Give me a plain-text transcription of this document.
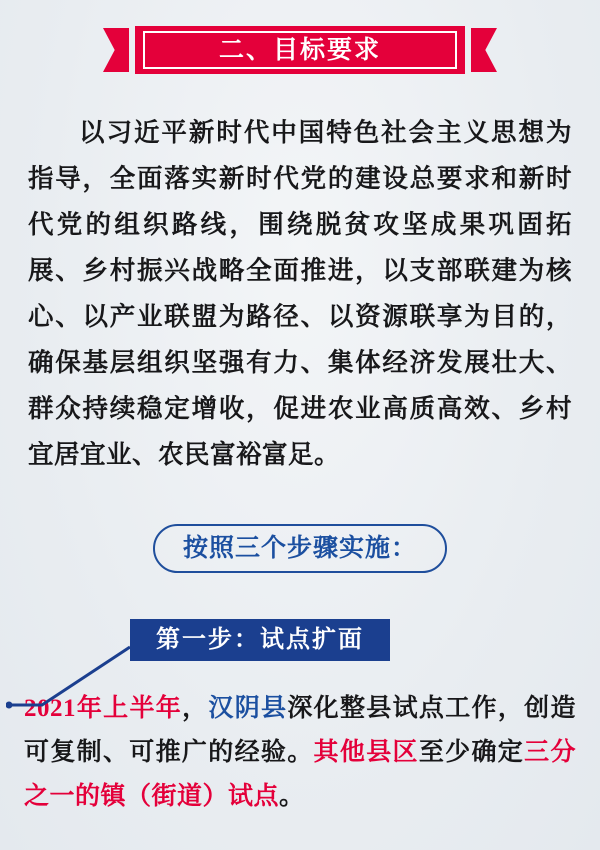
二、目标要求

以习近平新时代中国特色社会主义思想为指导，全面落实新时代党的建设总要求和新时代党的组织路线，围绕脱贫攻坚成果巩固拓展、乡村振兴战略全面推进，以支部联建为核心、以产业联盟为路径、以资源联享为目的，确保基层组织坚强有力、集体经济发展壮大、群众持续稳定增收，促进农业高质高效、乡村宜居宜业、农民富裕富足。

按照三个步骤实施：
第一步：试点扩面

2021年上半年，汉阴县深化整县试点工作，创造可复制、可推广的经验。其他县区至少确定三分之一的镇（街道）试点。
